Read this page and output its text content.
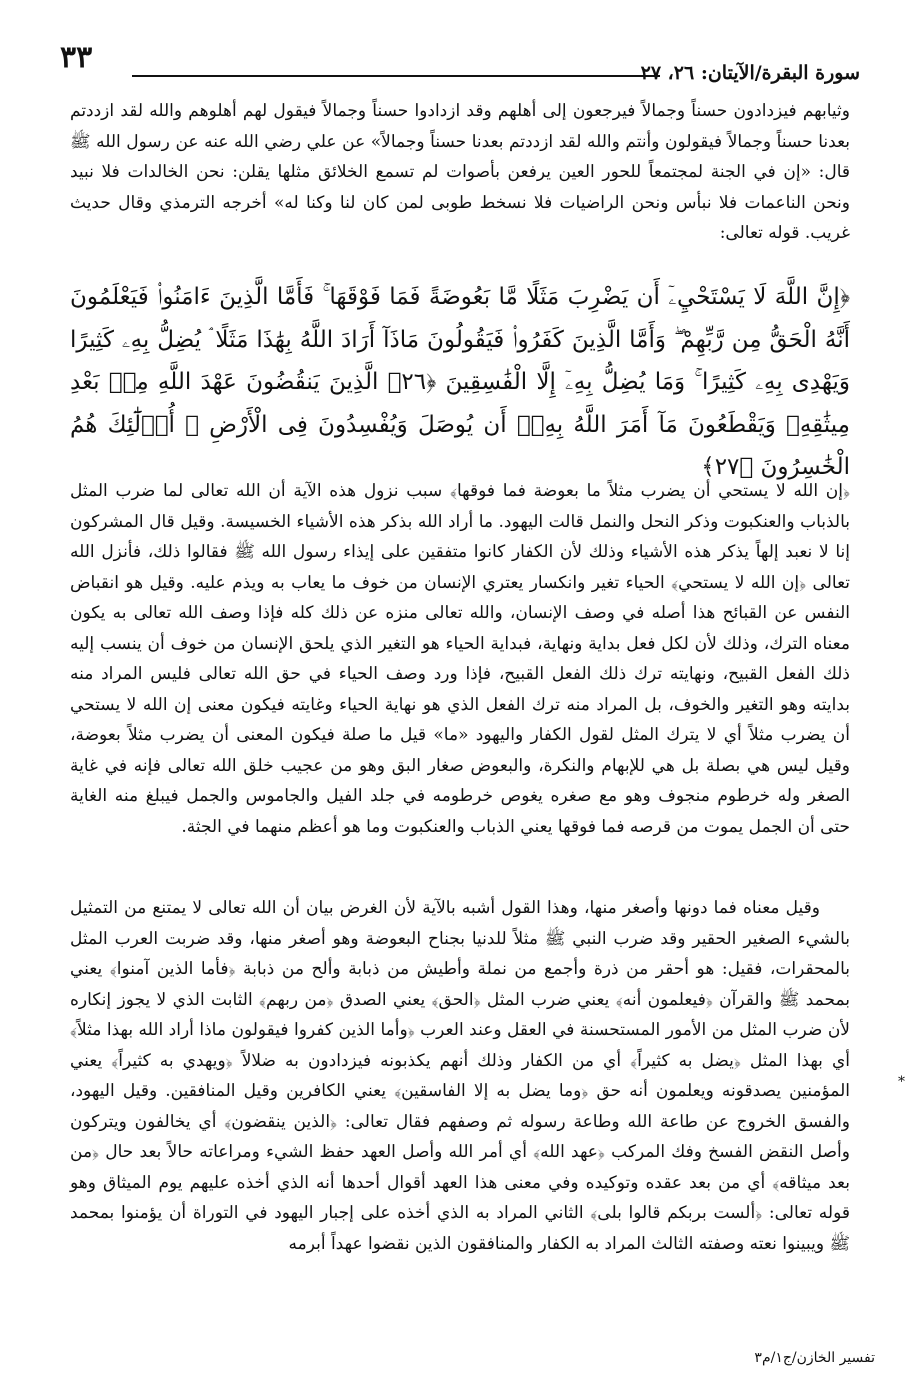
٣٣	سورة البقرة/الآيتان: ٢٦، ٢٧

وثيابهم فيزدادون حسناً وجمالاً فيرجعون إلى أهلهم وقد ازدادوا حسناً وجمالاً فيقول لهم أهلوهم والله لقد ازددتم بعدنا حسناً وجمالاً فيقولون وأنتم والله لقد ازددتم بعدنا حسناً وجمالاً» عن علي رضي الله عنه عن رسول الله ﷺ قال: «إن في الجنة لمجتمعاً للحور العين يرفعن بأصوات لم تسمع الخلائق مثلها يقلن: نحن الخالدات فلا نبيد ونحن الناعمات فلا نبأس ونحن الراضيات فلا نسخط طوبى لمن كان لنا وكنا له» أخرجه الترمذي وقال حديث غريب. قوله تعالى:

﴿إِنَّ اللَّهَ لَا يَسْتَحْيِۦٓ أَن يَضْرِبَ مَثَلًا مَّا بَعُوضَةً فَمَا فَوْقَهَا ۚ فَأَمَّا الَّذِينَ ءَامَنُوا۟ فَيَعْلَمُونَ أَنَّهُ الْحَقُّ مِن رَّبِّهِمْ ۖ وَأَمَّا الَّذِينَ كَفَرُوا۟ فَيَقُولُونَ مَاذَآ أَرَادَ اللَّهُ بِهَٰذَا مَثَلًا ۘ يُضِلُّ بِهِۦ كَثِيرًا وَيَهْدِى بِهِۦ كَثِيرًا ۚ وَمَا يُضِلُّ بِهِۦٓ إِلَّا الْفَٰسِقِينَ ﴿٢٦﴾ الَّذِينَ يَنقُضُونَ عَهْدَ اللَّهِ مِنۢ بَعْدِ مِيثَٰقِهِۦ وَيَقْطَعُونَ مَآ أَمَرَ اللَّهُ بِهِۦٓ أَن يُوصَلَ وَيُفْسِدُونَ فِى الْأَرْضِ ۚ أُو۟لَٰٓئِكَ هُمُ الْخَٰسِرُونَ ﴿٢٧﴾

﴿إن الله لا يستحي أن يضرب مثلاً ما بعوضة فما فوقها﴾ سبب نزول هذه الآية أن الله تعالى لما ضرب المثل بالذباب والعنكبوت وذكر النحل والنمل قالت اليهود. ما أراد الله بذكر هذه الأشياء الخسيسة. وقيل قال المشركون إنا لا نعبد إلهاً يذكر هذه الأشياء وذلك لأن الكفار كانوا متفقين على إيذاء رسول الله ﷺ فقالوا ذلك، فأنزل الله تعالى ﴿إن الله لا يستحي﴾ الحياء تغير وانكسار يعتري الإنسان من خوف ما يعاب به ويذم عليه. وقيل هو انقباض النفس عن القبائح هذا أصله في وصف الإنسان، والله تعالى منزه عن ذلك كله فإذا وصف الله تعالى به يكون معناه الترك، وذلك لأن لكل فعل بداية ونهاية، فبداية الحياء هو التغير الذي يلحق الإنسان من خوف أن ينسب إليه ذلك الفعل القبيح، ونهايته ترك ذلك الفعل القبيح، فإذا ورد وصف الحياء في حق الله تعالى فليس المراد منه بدايته وهو التغير والخوف، بل المراد منه ترك الفعل الذي هو نهاية الحياء وغايته فيكون معنى إن الله لا يستحي أن يضرب مثلاً أي لا يترك المثل لقول الكفار واليهود «ما» قيل ما صلة فيكون المعنى أن يضرب مثلاً بعوضة، وقيل ليس هي بصلة بل هي للإبهام والنكرة، والبعوض صغار البق وهو من عجيب خلق الله تعالى فإنه في غاية الصغر وله خرطوم منجوف وهو مع صغره يغوص خرطومه في جلد الفيل والجاموس والجمل فيبلغ منه الغاية حتى أن الجمل يموت من قرصه فما فوقها يعني الذباب والعنكبوت وما هو أعظم منهما في الجثة.

وقيل معناه فما دونها وأصغر منها، وهذا القول أشبه بالآية لأن الغرض بيان أن الله تعالى لا يمتنع من التمثيل بالشيء الصغير الحقير وقد ضرب النبي ﷺ مثلاً للدنيا بجناح البعوضة وهو أصغر منها، وقد ضربت العرب المثل بالمحقرات، فقيل: هو أحقر من ذرة وأجمع من نملة وأطيش من ذبابة وألح من ذبابة ﴿فأما الذين آمنوا﴾ يعني بمحمد ﷺ والقرآن ﴿فيعلمون أنه﴾ يعني ضرب المثل ﴿الحق﴾ يعني الصدق ﴿من ربهم﴾ الثابت الذي لا يجوز إنكاره لأن ضرب المثل من الأمور المستحسنة في العقل وعند العرب ﴿وأما الذين كفروا فيقولون ماذا أراد الله بهذا مثلاً﴾ أي بهذا المثل ﴿يضل به كثيراً﴾ أي من الكفار وذلك أنهم يكذبونه فيزدادون به ضلالاً ﴿ويهدي به كثيراً﴾ يعني المؤمنين يصدقونه ويعلمون أنه حق ﴿وما يضل به إلا الفاسقين﴾ يعني الكافرين وقيل المنافقين. وقيل اليهود، والفسق الخروج عن طاعة الله وطاعة رسوله ثم وصفهم فقال تعالى: ﴿الذين ينقضون﴾ أي يخالفون ويتركون وأصل النقض الفسخ وفك المركب ﴿عهد الله﴾ أي أمر الله وأصل العهد حفظ الشيء ومراعاته حالاً بعد حال ﴿من بعد ميثاقه﴾ أي من بعد عقده وتوكيده وفي معنى هذا العهد أقوال أحدها أنه الذي أخذه عليهم يوم الميثاق وهو قوله تعالى: ﴿ألست بربكم قالوا بلى﴾ الثاني المراد به الذي أخذه على إجبار اليهود في التوراة أن يؤمنوا بمحمد ﷺ ويبينوا نعته وصفته الثالث المراد به الكفار والمنافقون الذين نقضوا عهداً أبرمه

*
تفسير الخازن/ج١/م٣
